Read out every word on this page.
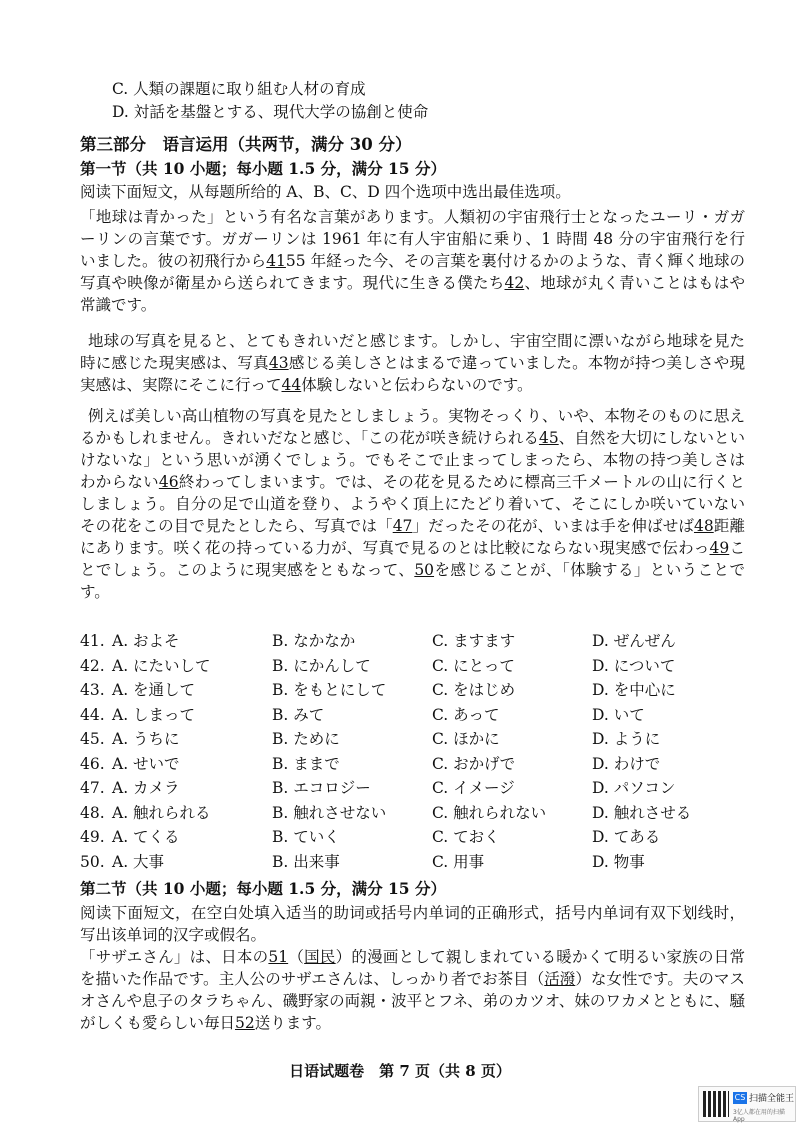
C. 人類の課題に取り組む人材の育成
D. 対話を基盤とする、現代大学の協創と使命
第三部分　语言运用（共两节，满分 30 分）
第一节（共 10 小题；每小题 1.5 分，满分 15 分）
阅读下面短文，从每题所给的 A、B、C、D 四个选项中选出最佳选项。
「地球は青かった」という有名な言葉があります。人類初の宇宙飛行士となったユーリ・ガガーリンの言葉です。ガガーリンは 1961 年に有人宇宙船に乗り、1 時間 48 分の宇宙飛行を行いました。彼の初飛行から4155 年経った今、その言葉を裏付けるかのような、青く輝く地球の写真や映像が衛星から送られてきます。現代に生きる僕たち42、地球が丸く青いことはもはや常識です。
地球の写真を見ると、とてもきれいだと感じます。しかし、宇宙空間に漂いながら地球を見た時に感じた現実感は、写真43感じる美しさとはまるで違っていました。本物が持つ美しさや現実感は、実際にそこに行って44体験しないと伝わらないのです。
例えば美しい高山植物の写真を見たとしましょう。実物そっくり、いや、本物そのものに思えるかもしれません。きれいだなと感じ、「この花が咲き続けられる45、自然を大切にしないといけないな」という思いが湧くでしょう。でもそこで止まってしまったら、本物の持つ美しさはわからない46終わってしまいます。では、その花を見るために標高三千メートルの山に行くとしましょう。自分の足で山道を登り、ようやく頂上にたどり着いて、そこにしか咲いていないその花をこの目で見たとしたら、写真では「47」だったその花が、いまは手を伸ばせば48距離にあります。咲く花の持っている力が、写真で見るのとは比較にならない現実感で伝わっ49ことでしょう。このように現実感をともなって、50を感じることが、「体験する」ということです。
41. A. およそ	B. なかなか	C. ますます	D. ぜんぜん
42. A. にたいして	B. にかんして	C. にとって	D. について
43. A. を通して	B. をもとにして	C. をはじめ	D. を中心に
44. A. しまって	B. みて	C. あって	D. いて
45. A. うちに	B. ために	C. ほかに	D. ように
46. A. せいで	B. ままで	C. おかげで	D. わけで
47. A. カメラ	B. エコロジー	C. イメージ	D. パソコン
48. A. 触れられる	B. 触れさせない	C. 触れられない	D. 触れさせる
49. A. てくる	B. ていく	C. ておく	D. てある
50. A. 大事	B. 出来事	C. 用事	D. 物事
第二节（共 10 小题；每小题 1.5 分，满分 15 分）
阅读下面短文，在空白处填入适当的助词或括号内单词的正确形式，括号内单词有双下划线时，写出该单词的汉字或假名。
「サザエさん」は、日本の51（国民）的漫画として親しまれている暖かくて明るい家族の日常を描いた作品です。主人公のサザエさんは、しっかり者でお茶目（活潑）な女性です。夫のマスオさんや息子のタラちゃん、磯野家の両親・波平とフネ、弟のカツオ、妹のワカメとともに、騒がしくも愛らしい毎日52送ります。
日语试题卷　第 7 页（共 8 页）
CS 扫描全能王
3亿人都在用的扫描App
